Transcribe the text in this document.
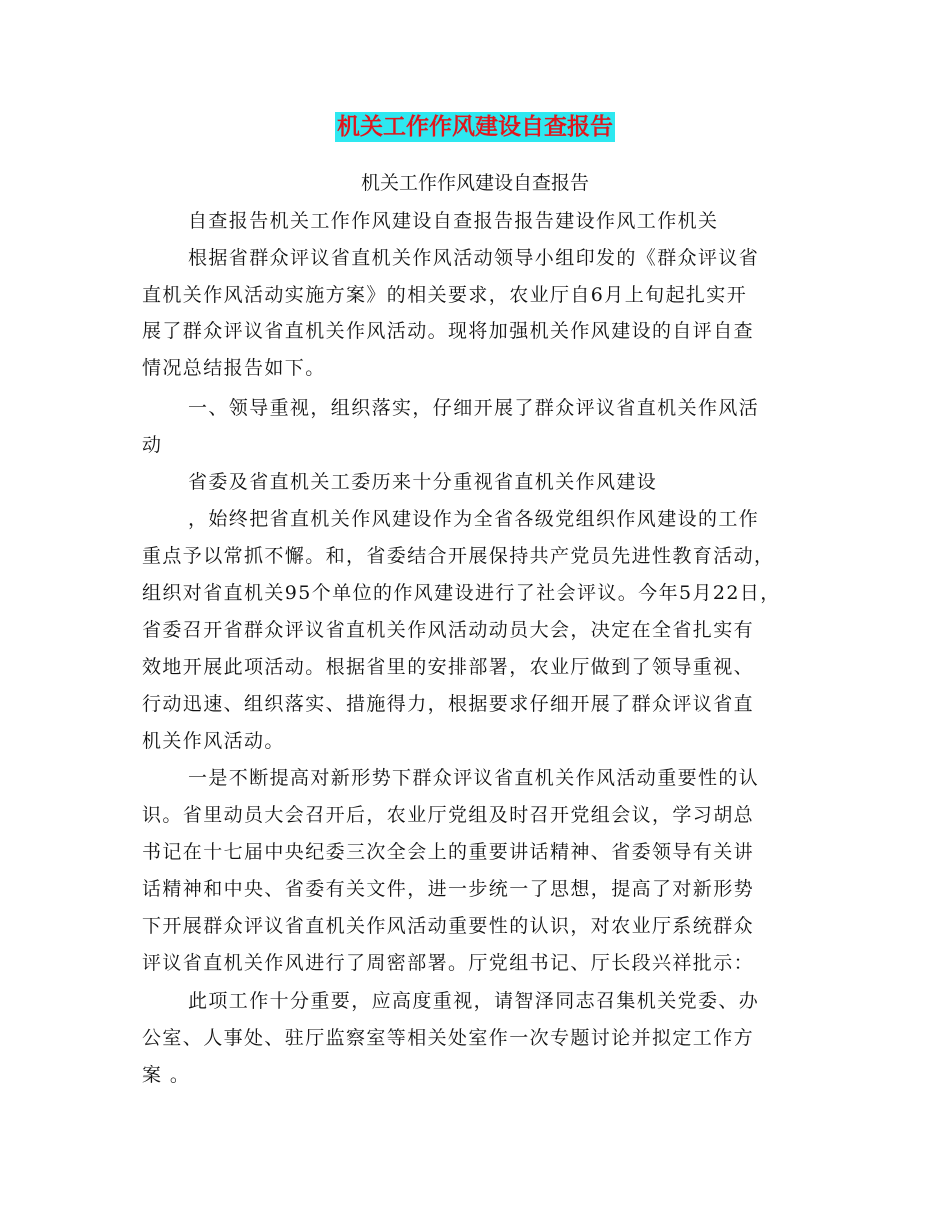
机关工作作风建设自查报告
机关工作作风建设自查报告
自查报告机关工作作风建设自查报告报告建设作风工作机关
根据省群众评议省直机关作风活动领导小组印发的《群众评议省
直机关作风活动实施方案》的相关要求，农业厅自6月上旬起扎实开
展了群众评议省直机关作风活动。现将加强机关作风建设的自评自查
情况总结报告如下。
一、领导重视，组织落实，仔细开展了群众评议省直机关作风活
动
省委及省直机关工委历来十分重视省直机关作风建设
，始终把省直机关作风建设作为全省各级党组织作风建设的工作
重点予以常抓不懈。和，省委结合开展保持共产党员先进性教育活动，
组织对省直机关95个单位的作风建设进行了社会评议。今年5月22日，
省委召开省群众评议省直机关作风活动动员大会，决定在全省扎实有
效地开展此项活动。根据省里的安排部署，农业厅做到了领导重视、
行动迅速、组织落实、措施得力，根据要求仔细开展了群众评议省直
机关作风活动。
一是不断提高对新形势下群众评议省直机关作风活动重要性的认
识。省里动员大会召开后，农业厅党组及时召开党组会议，学习胡总
书记在十七届中央纪委三次全会上的重要讲话精神、省委领导有关讲
话精神和中央、省委有关文件，进一步统一了思想，提高了对新形势
下开展群众评议省直机关作风活动重要性的认识，对农业厅系统群众
评议省直机关作风进行了周密部署。厅党组书记、厅长段兴祥批示：
此项工作十分重要，应高度重视，请智泽同志召集机关党委、办
公室、人事处、驻厅监察室等相关处室作一次专题讨论并拟定工作方
案 。
